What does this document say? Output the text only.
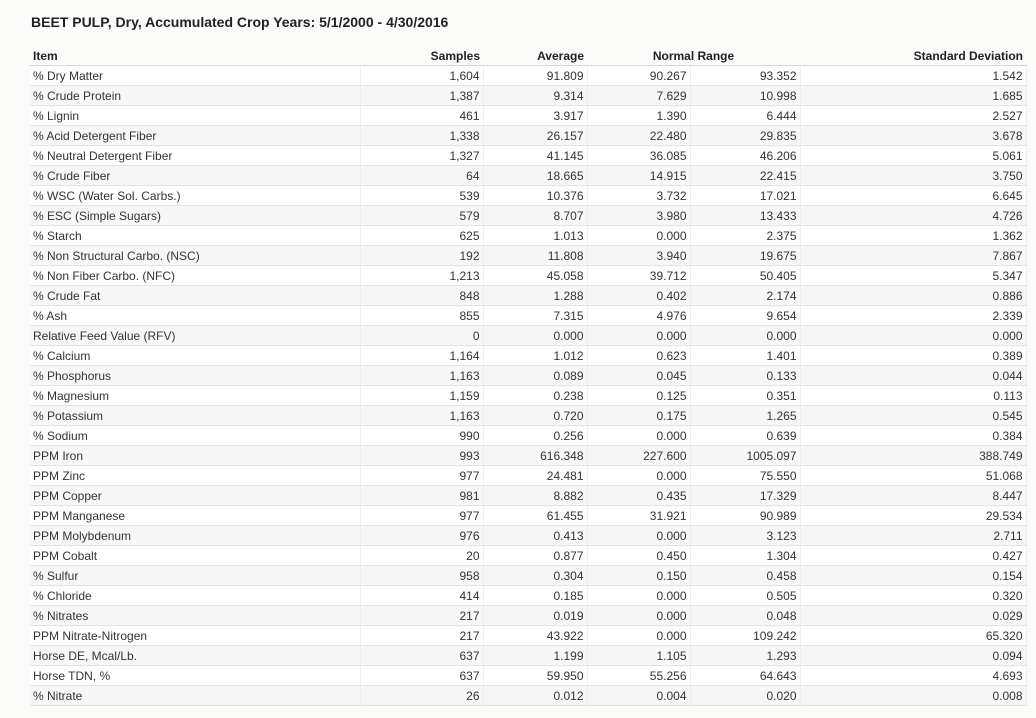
BEET PULP, Dry, Accumulated Crop Years: 5/1/2000 - 4/30/2016
Item	Samples	Average	Normal Range		Standard Deviation
% Dry Matter	1,604	91.809	90.267	93.352	1.542
% Crude Protein	1,387	9.314	7.629	10.998	1.685
% Lignin	461	3.917	1.390	6.444	2.527
% Acid Detergent Fiber	1,338	26.157	22.480	29.835	3.678
% Neutral Detergent Fiber	1,327	41.145	36.085	46.206	5.061
% Crude Fiber	64	18.665	14.915	22.415	3.750
% WSC (Water Sol. Carbs.)	539	10.376	3.732	17.021	6.645
% ESC (Simple Sugars)	579	8.707	3.980	13.433	4.726
% Starch	625	1.013	0.000	2.375	1.362
% Non Structural Carbo. (NSC)	192	11.808	3.940	19.675	7.867
% Non Fiber Carbo. (NFC)	1,213	45.058	39.712	50.405	5.347
% Crude Fat	848	1.288	0.402	2.174	0.886
% Ash	855	7.315	4.976	9.654	2.339
Relative Feed Value (RFV)	0	0.000	0.000	0.000	0.000
% Calcium	1,164	1.012	0.623	1.401	0.389
% Phosphorus	1,163	0.089	0.045	0.133	0.044
% Magnesium	1,159	0.238	0.125	0.351	0.113
% Potassium	1,163	0.720	0.175	1.265	0.545
% Sodium	990	0.256	0.000	0.639	0.384
PPM Iron	993	616.348	227.600	1005.097	388.749
PPM Zinc	977	24.481	0.000	75.550	51.068
PPM Copper	981	8.882	0.435	17.329	8.447
PPM Manganese	977	61.455	31.921	90.989	29.534
PPM Molybdenum	976	0.413	0.000	3.123	2.711
PPM Cobalt	20	0.877	0.450	1.304	0.427
% Sulfur	958	0.304	0.150	0.458	0.154
% Chloride	414	0.185	0.000	0.505	0.320
% Nitrates	217	0.019	0.000	0.048	0.029
PPM Nitrate-Nitrogen	217	43.922	0.000	109.242	65.320
Horse DE, Mcal/Lb.	637	1.199	1.105	1.293	0.094
Horse TDN, %	637	59.950	55.256	64.643	4.693
% Nitrate	26	0.012	0.004	0.020	0.008
